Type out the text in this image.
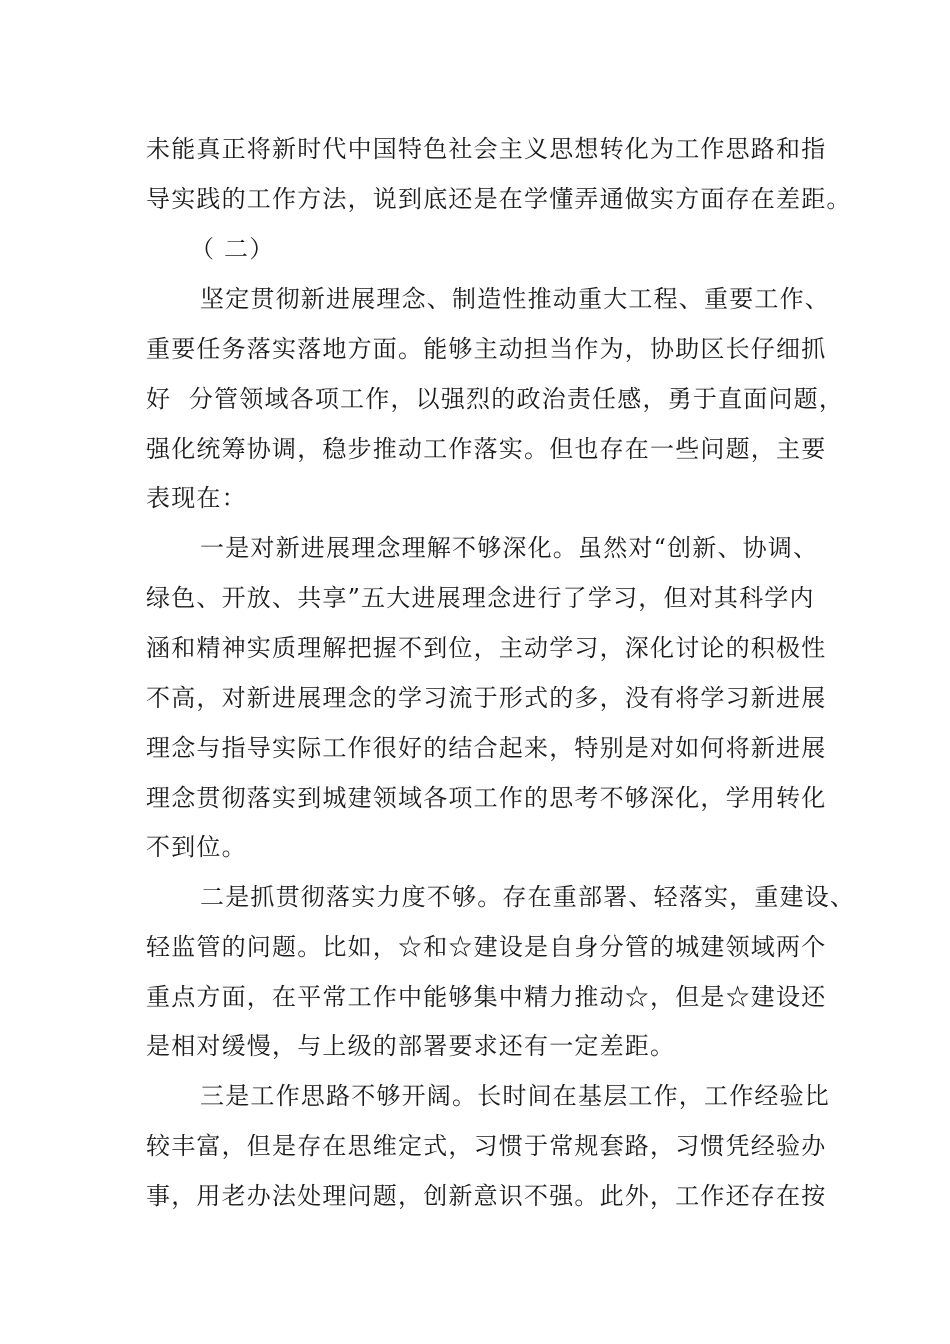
未能真正将新时代中国特色社会主义思想转化为工作思路和指
导实践的工作方法，说到底还是在学懂弄通做实方面存在差距。
（ 二）
坚定贯彻新进展理念、制造性推动重大工程、重要工作、
重要任务落实落地方面。能够主动担当作为，协助区长仔细抓
好  分管领域各项工作，以强烈的政治责任感，勇于直面问题，
强化统筹协调，稳步推动工作落实。但也存在一些问题，主要
表现在：
一是对新进展理念理解不够深化。虽然对“创新、协调、
绿色、开放、共享”五大进展理念进行了学习，但对其科学内
涵和精神实质理解把握不到位，主动学习，深化讨论的积极性
不高，对新进展理念的学习流于形式的多，没有将学习新进展
理念与指导实际工作很好的结合起来，特别是对如何将新进展
理念贯彻落实到城建领域各项工作的思考不够深化，学用转化
不到位。
二是抓贯彻落实力度不够。存在重部署、轻落实，重建设、
轻监管的问题。比如，☆和☆建设是自身分管的城建领域两个
重点方面，在平常工作中能够集中精力推动☆，但是☆建设还
是相对缓慢，与上级的部署要求还有一定差距。
三是工作思路不够开阔。长时间在基层工作，工作经验比
较丰富，但是存在思维定式，习惯于常规套路，习惯凭经验办
事，用老办法处理问题，创新意识不强。此外，工作还存在按
